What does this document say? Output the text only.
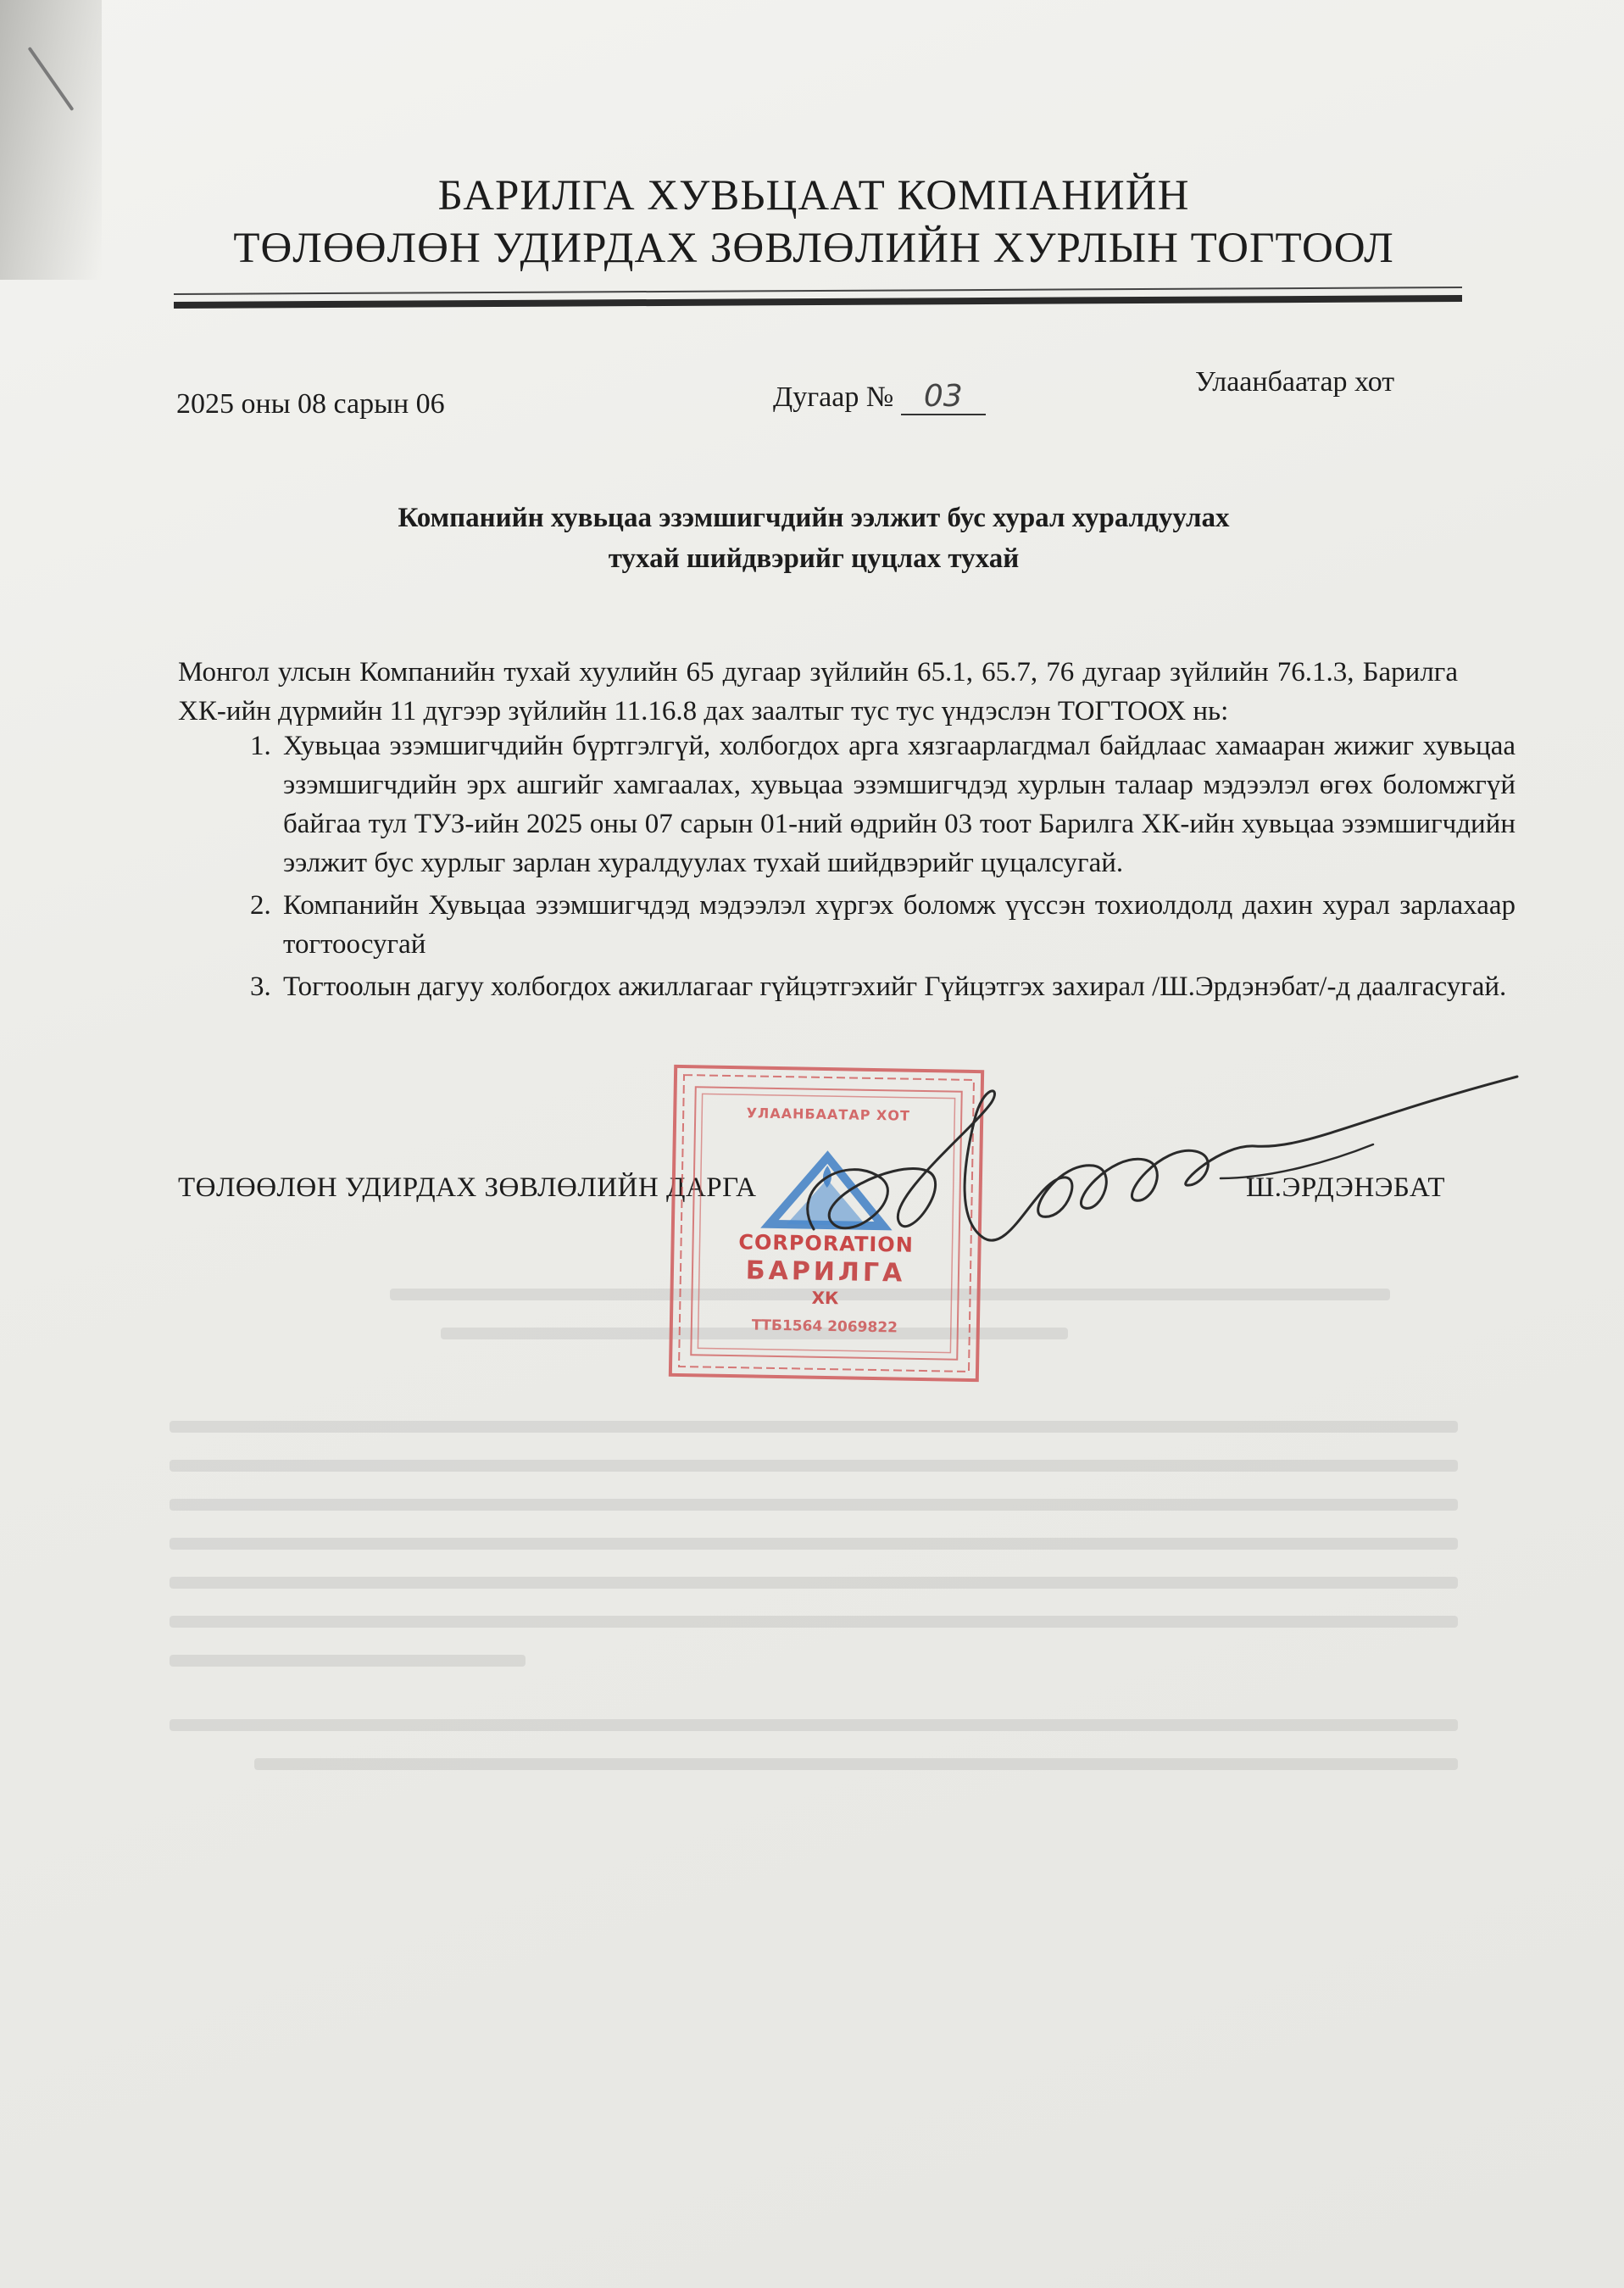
БАРИЛГА ХУВЬЦААТ КОМПАНИЙН
ТӨЛӨӨЛӨН УДИРДАХ ЗӨВЛӨЛИЙН ХУРЛЫН ТОГТООЛ
2025 оны 08 сарын 06	Дугаар № 03	Улаанбаатар хот
Компанийн хувьцаа эзэмшигчдийн ээлжит бус хурал хуралдуулах
тухай шийдвэрийг цуцлах тухай
Монгол улсын Компанийн тухай хуулийн 65 дугаар зүйлийн 65.1, 65.7, 76 дугаар зүйлийн 76.1.3, Барилга ХК-ийн дүрмийн 11 дүгээр зүйлийн 11.16.8 дах заалтыг тус тус үндэслэн ТОГТООХ нь:
1. Хувьцаа эзэмшигчдийн бүртгэлгүй, холбогдох арга хязгаарлагдмал байдлаас хамааран жижиг хувьцаа эзэмшигчдийн эрх ашгийг хамгаалах, хувьцаа эзэмшигчдэд хурлын талаар мэдээлэл өгөх боломжгүй байгаа тул ТУЗ-ийн 2025 оны 07 сарын 01-ний өдрийн 03 тоот Барилга ХК-ийн хувьцаа эзэмшигчдийн ээлжит бус хурлыг зарлан хуралдуулах тухай шийдвэрийг цуцалсугай.
2. Компанийн Хувьцаа эзэмшигчдэд мэдээлэл хүргэх боломж үүссэн тохиолдолд дахин хурал зарлахаар тогтоосугай
3. Тогтоолын дагуу холбогдох ажиллагааг гүйцэтгэхийг Гүйцэтгэх захирал /Ш.Эрдэнэбат/-д даалгасугай.
ТӨЛӨӨЛӨН УДИРДАХ ЗӨВЛӨЛИЙН ДАРГА	Ш.ЭРДЭНЭБАТ
УЛААНБААТАР ХОТ
CORPORATION
БАРИЛГА
ХК
ТТБ1564 2069822
